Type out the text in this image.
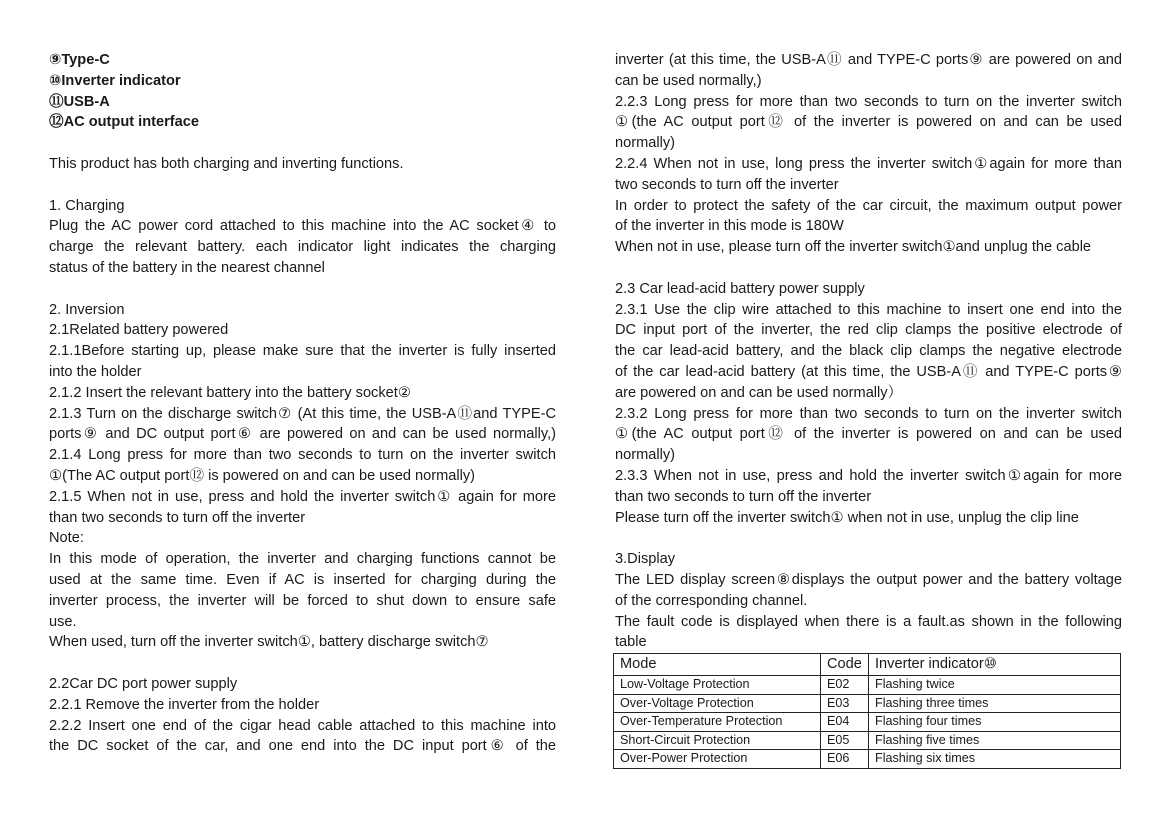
⑨Type-C
⑩Inverter indicator
⑪USB-A
⑫AC output interface
This product has both charging and inverting functions.
1. Charging
Plug the AC power cord attached to this machine into the AC socket④ to
charge the relevant battery. each indicator light indicates the charging
status of the battery in the nearest channel
2. Inversion
2.1Related battery powered
2.1.1Before starting up, please make sure that the inverter is fully inserted
into the holder
2.1.2 Insert the relevant battery into the battery socket②
2.1.3 Turn on the discharge switch⑦ (At this time, the USB-A⑪and TYPE-C
ports⑨ and DC output port⑥ are powered on and can be used normally,)
2.1.4 Long press for more than two seconds to turn on the inverter switch
①(The AC output port⑫ is powered on and can be used normally)
2.1.5 When not in use, press and hold the inverter switch① again for more
than two seconds to turn off the inverter
Note:
In this mode of operation, the inverter and charging functions cannot be
used at the same time. Even if AC is inserted for charging during the
inverter process, the inverter will be forced to shut down to ensure safe
use.
When used, turn off the inverter switch①, battery discharge switch⑦
2.2Car DC port power supply
2.2.1 Remove the inverter from the holder
2.2.2 Insert one end of the cigar head cable attached to this machine into
the DC socket of the car, and one end into the DC input port⑥ of the
inverter (at this time, the USB-A⑪ and TYPE-C ports⑨ are powered on and
can be used normally,)
2.2.3 Long press for more than two seconds to turn on the inverter switch
①(the AC output port⑫ of the inverter is powered on and can be used
normally)
2.2.4 When not in use, long press the inverter switch①again for more than
two seconds to turn off the inverter
In order to protect the safety of the car circuit, the maximum output power
of the inverter in this mode is 180W
When not in use, please turn off the inverter switch①and unplug the cable
2.3 Car lead-acid battery power supply
2.3.1 Use the clip wire attached to this machine to insert one end into the
DC input port of the inverter, the red clip clamps the positive electrode of
the car lead-acid battery, and the black clip clamps the negative electrode
of the car lead-acid battery (at this time, the USB-A⑪ and TYPE-C ports⑨
are powered on and can be used normally）
2.3.2 Long press for more than two seconds to turn on the inverter switch
①(the AC output port⑫ of the inverter is powered on and can be used
normally)
2.3.3 When not in use, press and hold the inverter switch①again for more
than two seconds to turn off the inverter
Please turn off the inverter switch① when not in use, unplug the clip line
3.Display
The LED display screen⑧displays the output power and the battery voltage
of the corresponding channel.
The fault code is displayed when there is a fault.as shown in the following
table
Mode	Code	Inverter indicator⑩
Low-Voltage Protection	E02	Flashing twice
Over-Voltage Protection	E03	Flashing three times
Over-Temperature Protection	E04	Flashing four times
Short-Circuit Protection	E05	Flashing five times
Over-Power Protection	E06	Flashing six times
